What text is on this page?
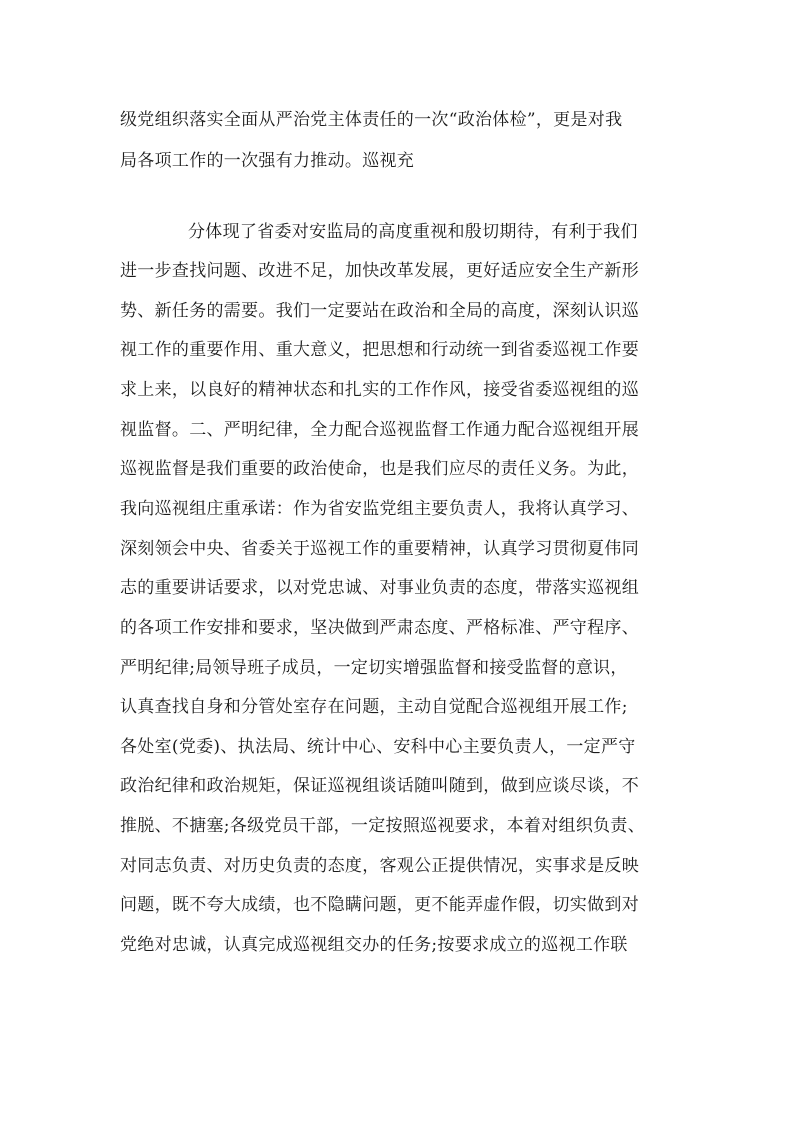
级党组织落实全面从严治党主体责任的一次“政治体检”，更是对我
局各项工作的一次强有力推动。巡视充
分体现了省委对安监局的高度重视和殷切期待，有利于我们
进一步查找问题、改进不足，加快改革发展，更好适应安全生产新形
势、新任务的需要。我们一定要站在政治和全局的高度，深刻认识巡
视工作的重要作用、重大意义，把思想和行动统一到省委巡视工作要
求上来，以良好的精神状态和扎实的工作作风，接受省委巡视组的巡
视监督。二、严明纪律，全力配合巡视监督工作通力配合巡视组开展
巡视监督是我们重要的政治使命，也是我们应尽的责任义务。为此，
我向巡视组庄重承诺：作为省安监党组主要负责人，我将认真学习、
深刻领会中央、省委关于巡视工作的重要精神，认真学习贯彻夏伟同
志的重要讲话要求，以对党忠诚、对事业负责的态度，带落实巡视组
的各项工作安排和要求，坚决做到严肃态度、严格标准、严守程序、
严明纪律;局领导班子成员，一定切实增强监督和接受监督的意识，
认真查找自身和分管处室存在问题，主动自觉配合巡视组开展工作;
各处室(党委)、执法局、统计中心、安科中心主要负责人，一定严守
政治纪律和政治规矩，保证巡视组谈话随叫随到，做到应谈尽谈，不
推脱、不搪塞;各级党员干部，一定按照巡视要求，本着对组织负责、
对同志负责、对历史负责的态度，客观公正提供情况，实事求是反映
问题，既不夸大成绩，也不隐瞒问题，更不能弄虚作假，切实做到对
党绝对忠诚，认真完成巡视组交办的任务;按要求成立的巡视工作联
